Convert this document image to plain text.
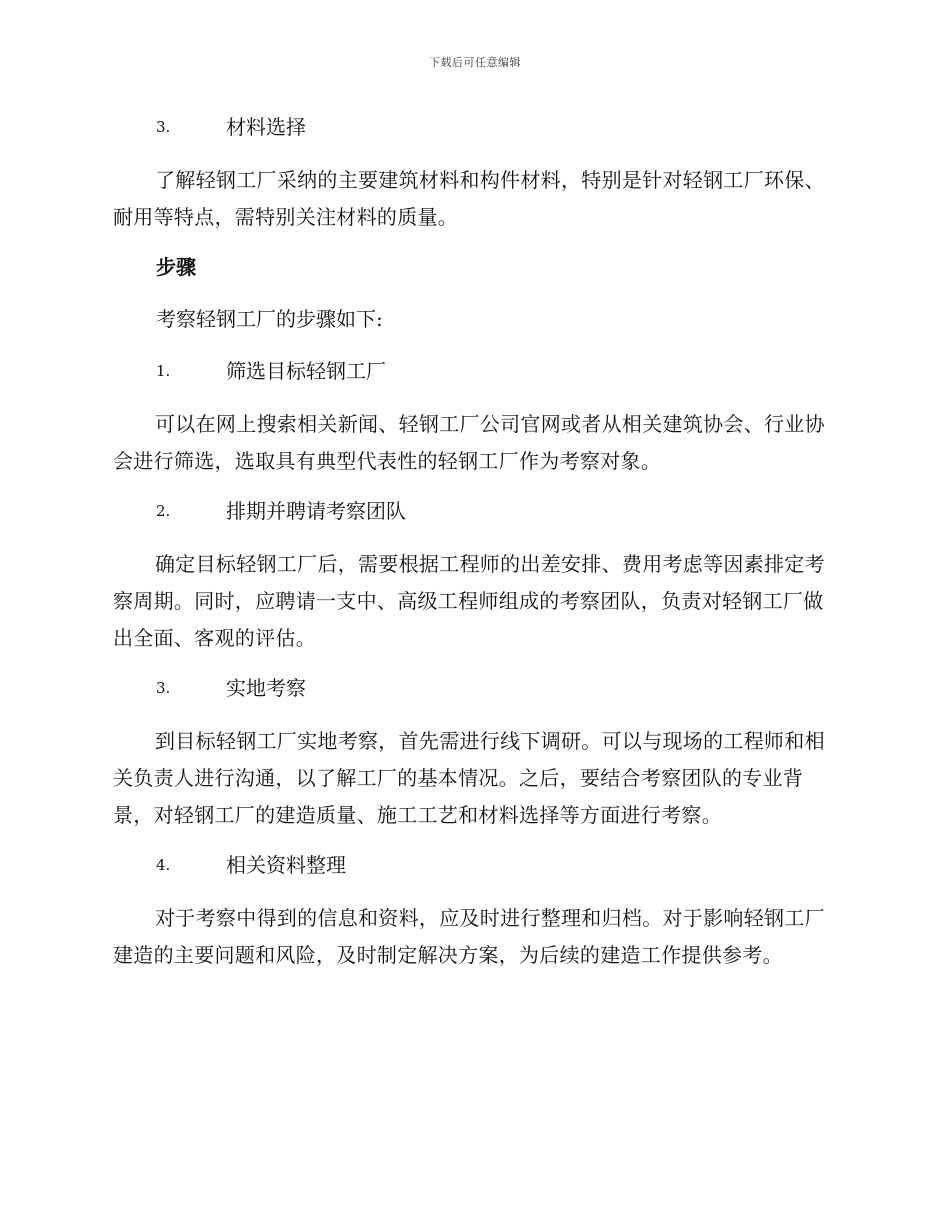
下载后可任意编辑
3.	材料选择

了解轻钢工厂采纳的主要建筑材料和构件材料，特别是针对轻钢工厂环保、耐用等特点，需特别关注材料的质量。

步骤
考察轻钢工厂的步骤如下:
1.	筛选目标轻钢工厂

可以在网上搜索相关新闻、轻钢工厂公司官网或者从相关建筑协会、行业协会进行筛选，选取具有典型代表性的轻钢工厂作为考察对象。

2.	排期并聘请考察团队

确定目标轻钢工厂后，需要根据工程师的出差安排、费用考虑等因素排定考察周期。同时，应聘请一支中、高级工程师组成的考察团队，负责对轻钢工厂做出全面、客观的评估。

3.	实地考察

到目标轻钢工厂实地考察，首先需进行线下调研。可以与现场的工程师和相关负责人进行沟通，以了解工厂的基本情况。之后，要结合考察团队的专业背景，对轻钢工厂的建造质量、施工工艺和材料选择等方面进行考察。

4.	相关资料整理

对于考察中得到的信息和资料，应及时进行整理和归档。对于影响轻钢工厂建造的主要问题和风险，及时制定解决方案，为后续的建造工作提供参考。
